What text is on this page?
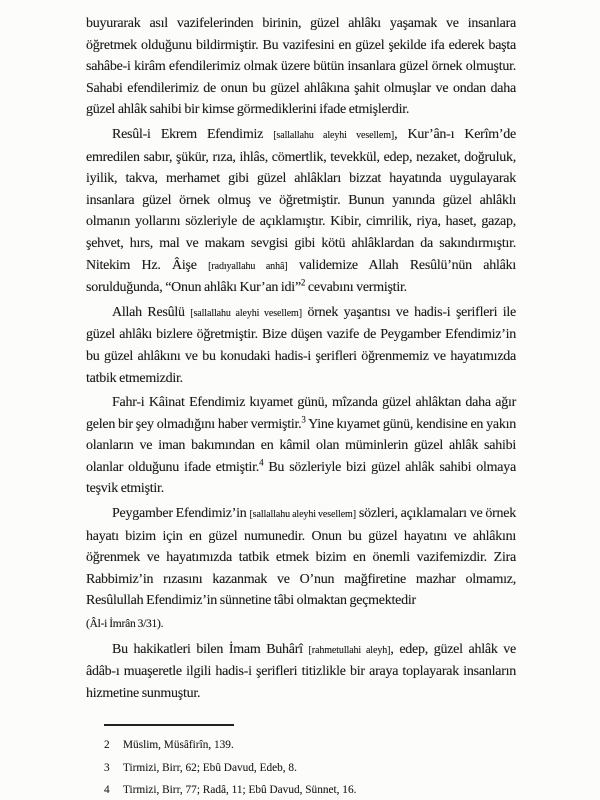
buyurarak asıl vazifelerinden birinin, güzel ahlâkı yaşamak ve insanlara öğretmek olduğunu bildirmiştir. Bu vazifesini en güzel şekilde ifa ederek başta sahâbe-i kirâm efendilerimiz olmak üzere bütün insanlara güzel örnek olmuştur. Sahabi efendilerimiz de onun bu güzel ahlâkına şahit olmuşlar ve ondan daha güzel ahlâk sahibi bir kimse görmediklerini ifade etmişlerdir.

Resûl-i Ekrem Efendimiz [sallallahu aleyhi vesellem], Kur’ân-ı Kerîm’de emredilen sabır, şükür, rıza, ihlâs, cömertlik, tevekkül, edep, nezaket, doğruluk, iyilik, takva, merhamet gibi güzel ahlâkları bizzat hayatında uygulayarak insanlara güzel örnek olmuş ve öğretmiştir. Bunun yanında güzel ahlâklı olmanın yollarını sözleriyle de açıklamıştır. Kibir, cimrilik, riya, haset, gazap, şehvet, hırs, mal ve makam sevgisi gibi kötü ahlâklardan da sakındırmıştır. Nitekim Hz. Âişe [radıyallahu anhâ] validemize Allah Resûlü’nün ahlâkı sorulduğunda, “Onun ahlâkı Kur’an idi”$^2$ cevabını vermiştir.

Allah Resûlü [sallallahu aleyhi vesellem] örnek yaşantısı ve hadis-i şerifleri ile güzel ahlâkı bizlere öğretmiştir. Bize düşen vazife de Peygamber Efendimiz’in bu güzel ahlâkını ve bu konudaki hadis-i şerifleri öğrenmemiz ve hayatımızda tatbik etmemizdir.

Fahr-i Kâinat Efendimiz kıyamet günü, mîzanda güzel ahlâktan daha ağır gelen bir şey olmadığını haber vermiştir.$^3$ Yine kıyamet günü, kendisine en yakın olanların ve iman bakımından en kâmil olan müminlerin güzel ahlâk sahibi olanlar olduğunu ifade etmiştir.$^4$ Bu sözleriyle bizi güzel ahlâk sahibi olmaya teşvik etmiştir.

Peygamber Efendimiz’in [sallallahu aleyhi vesellem] sözleri, açıklamaları ve örnek hayatı bizim için en güzel numunedir. Onun bu güzel hayatını ve ahlâkını öğrenmek ve hayatımızda tatbik etmek bizim en önemli vazifemizdir. Zira Rabbimiz’in rızasını kazanmak ve O’nun mağfiretine mazhar olmamız, Resûlullah Efendimiz’in sünnetine tâbi olmaktan geçmektedir
(Âl-i İmrân 3/31).

Bu hakikatleri bilen İmam Buhârî [rahmetullahi aleyh], edep, güzel ahlâk ve âdâb-ı muaşeretle ilgili hadis-i şerifleri titizlikle bir araya toplayarak insanların hizmetine sunmuştur.

2 Müslim, Müsâfirîn, 139.
3 Tirmizi, Birr, 62; Ebû Davud, Edeb, 8.
4 Tirmizi, Birr, 77; Radâ, 11; Ebû Davud, Sünnet, 16.
